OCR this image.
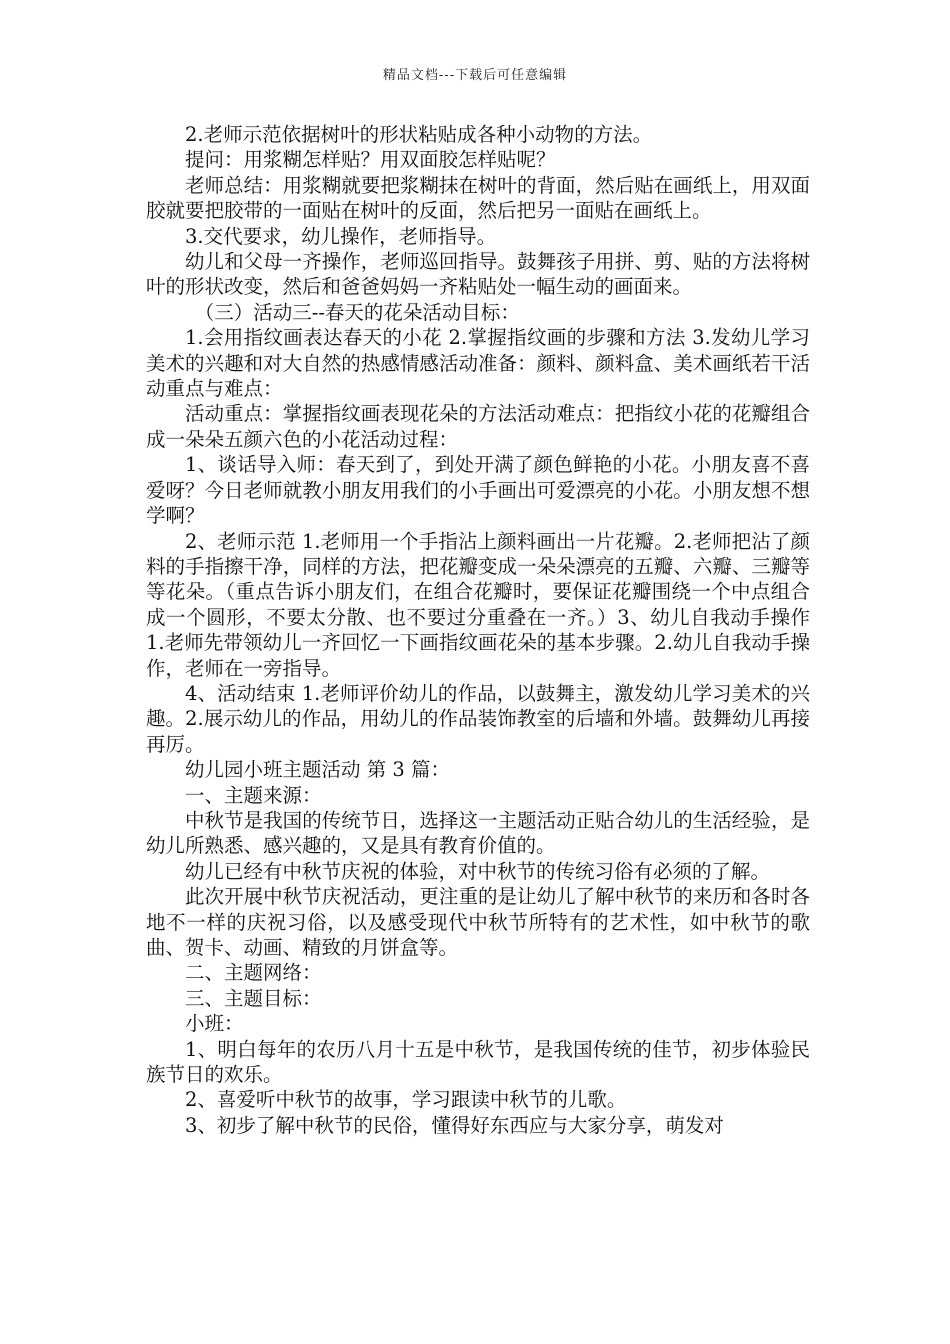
精品文档---下载后可任意编辑

2.老师示范依据树叶的形状粘贴成各种小动物的方法。

提问：用浆糊怎样贴？用双面胶怎样贴呢？

老师总结：用浆糊就要把浆糊抹在树叶的背面，然后贴在画纸上，用双面胶就要把胶带的一面贴在树叶的反面，然后把另一面贴在画纸上。

3.交代要求，幼儿操作，老师指导。

幼儿和父母一齐操作，老师巡回指导。鼓舞孩子用拼、剪、贴的方法将树叶的形状改变，然后和爸爸妈妈一齐粘贴处一幅生动的画面来。

（三）活动三--春天的花朵活动目标：

1.会用指纹画表达春天的小花 2.掌握指纹画的步骤和方法 3.发幼儿学习美术的兴趣和对大自然的热感情感活动准备：颜料、颜料盒、美术画纸若干活动重点与难点：

活动重点：掌握指纹画表现花朵的方法活动难点：把指纹小花的花瓣组合成一朵朵五颜六色的小花活动过程：

1、谈话导入师：春天到了，到处开满了颜色鲜艳的小花。小朋友喜不喜爱呀？今日老师就教小朋友用我们的小手画出可爱漂亮的小花。小朋友想不想学啊？

2、老师示范 1.老师用一个手指沾上颜料画出一片花瓣。2.老师把沾了颜料的手指擦干净，同样的方法，把花瓣变成一朵朵漂亮的五瓣、六瓣、三瓣等等花朵。（重点告诉小朋友们，在组合花瓣时，要保证花瓣围绕一个中点组合成一个圆形，不要太分散、也不要过分重叠在一齐。）3、幼儿自我动手操作 1.老师先带领幼儿一齐回忆一下画指纹画花朵的基本步骤。2.幼儿自我动手操作，老师在一旁指导。

4、活动结束 1.老师评价幼儿的作品，以鼓舞主，激发幼儿学习美术的兴趣。2.展示幼儿的作品，用幼儿的作品装饰教室的后墙和外墙。鼓舞幼儿再接再厉。

幼儿园小班主题活动 第 3 篇：

一、主题来源：

中秋节是我国的传统节日，选择这一主题活动正贴合幼儿的生活经验，是幼儿所熟悉、感兴趣的，又是具有教育价值的。

幼儿已经有中秋节庆祝的体验，对中秋节的传统习俗有必须的了解。

此次开展中秋节庆祝活动，更注重的是让幼儿了解中秋节的来历和各时各地不一样的庆祝习俗，以及感受现代中秋节所特有的艺术性，如中秋节的歌曲、贺卡、动画、精致的月饼盒等。

二、主题网络：

三、主题目标：

小班：

1、明白每年的农历八月十五是中秋节，是我国传统的佳节，初步体验民族节日的欢乐。

2、喜爱听中秋节的故事，学习跟读中秋节的儿歌。

3、初步了解中秋节的民俗，懂得好东西应与大家分享，萌发对
